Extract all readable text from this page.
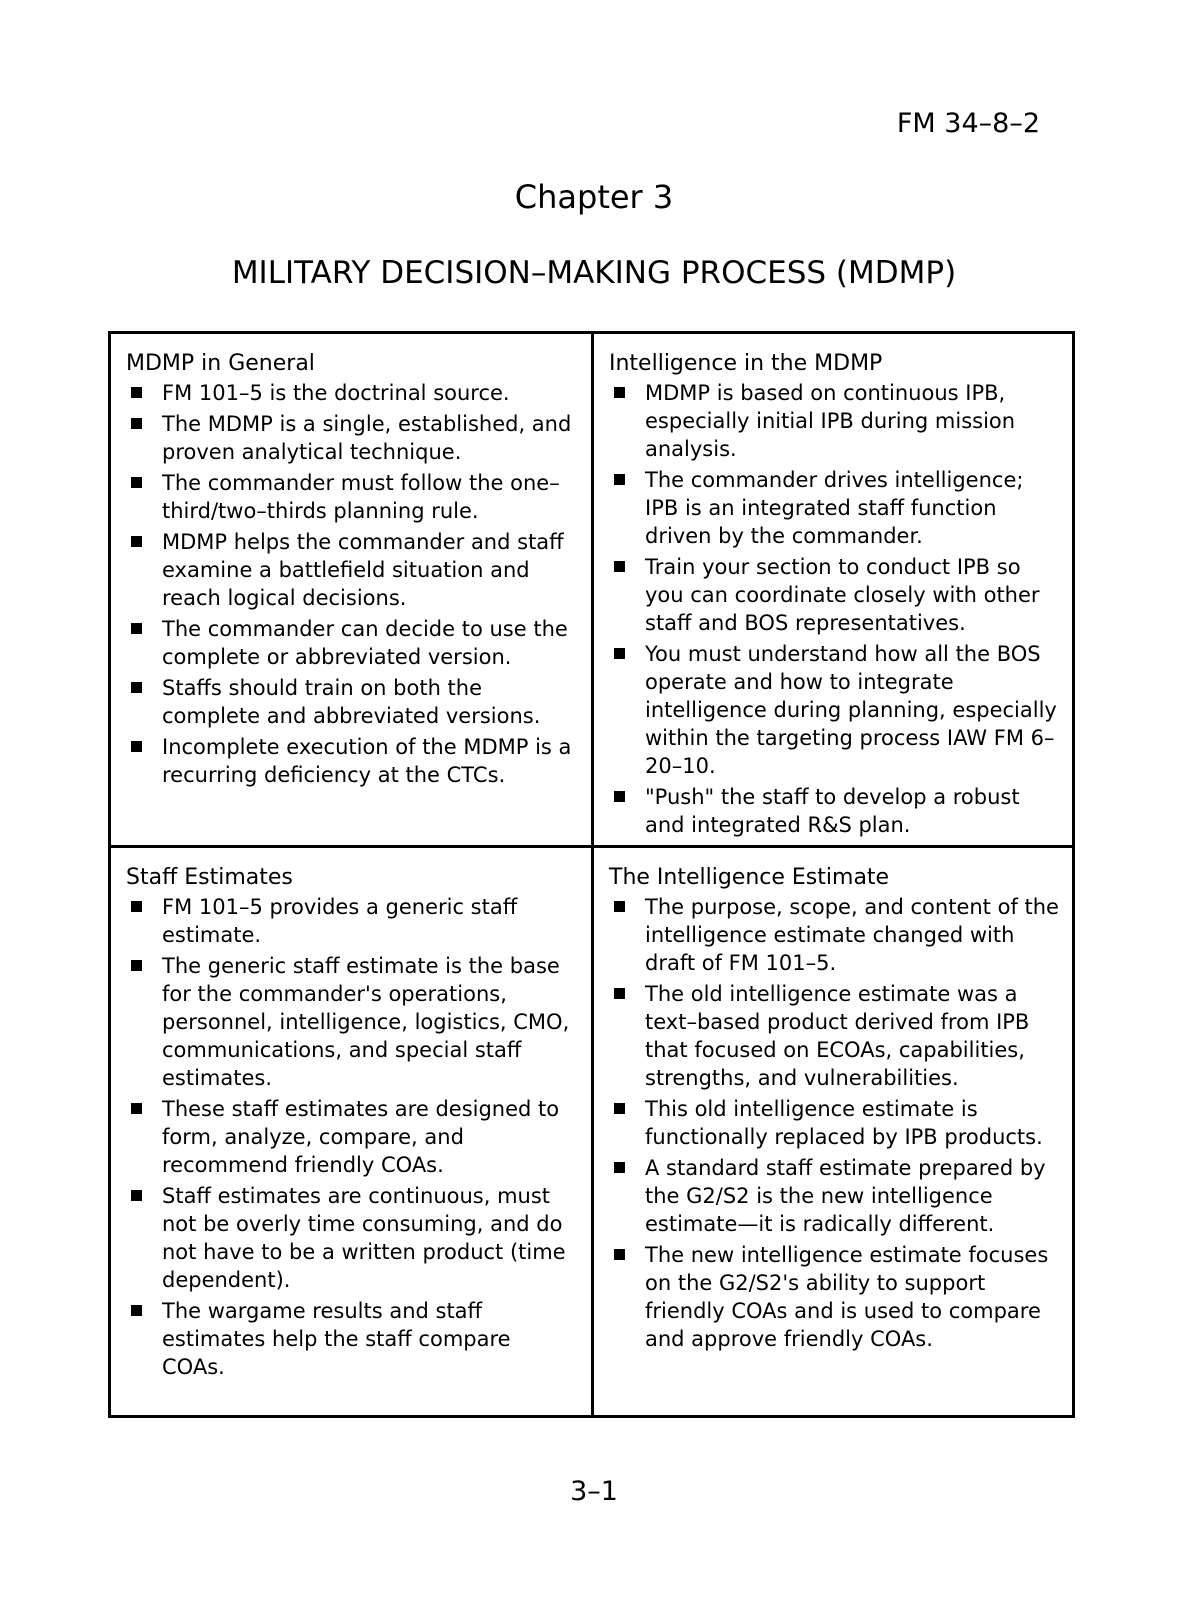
FM 34–8–2
Chapter 3
MILITARY DECISION–MAKING PROCESS (MDMP)
MDMP in General
FM 101–5 is the doctrinal source.
The MDMP is a single, established, and proven analytical technique.
The commander must follow the one–third/two–thirds planning rule.
MDMP helps the commander and staff examine a battlefield situation and reach logical decisions.
The commander can decide to use the complete or abbreviated version.
Staffs should train on both the complete and abbreviated versions.
Incomplete execution of the MDMP is a recurring deficiency at the CTCs.
Intelligence in the MDMP
MDMP is based on continuous IPB, especially initial IPB during mission analysis.
The commander drives intelligence; IPB is an integrated staff function driven by the commander.
Train your section to conduct IPB so you can coordinate closely with other staff and BOS representatives.
You must understand how all the BOS operate and how to integrate intelligence during planning, especially within the targeting process IAW FM 6–20–10.
"Push" the staff to develop a robust and integrated R&S plan.
Staff Estimates
FM 101–5 provides a generic staff estimate.
The generic staff estimate is the base for the commander's operations, personnel, intelligence, logistics, CMO, communications, and special staff estimates.
These staff estimates are designed to form, analyze, compare, and recommend friendly COAs.
Staff estimates are continuous, must not be overly time consuming, and do not have to be a written product (time dependent).
The wargame results and staff estimates help the staff compare COAs.
The Intelligence Estimate
The purpose, scope, and content of the intelligence estimate changed with draft of FM 101–5.
The old intelligence estimate was a text–based product derived from IPB that focused on ECOAs, capabilities, strengths, and vulnerabilities.
This old intelligence estimate is functionally replaced by IPB products.
A standard staff estimate prepared by the G2/S2 is the new intelligence estimate—it is radically different.
The new intelligence estimate focuses on the G2/S2's ability to support friendly COAs and is used to compare and approve friendly COAs.
3–1
